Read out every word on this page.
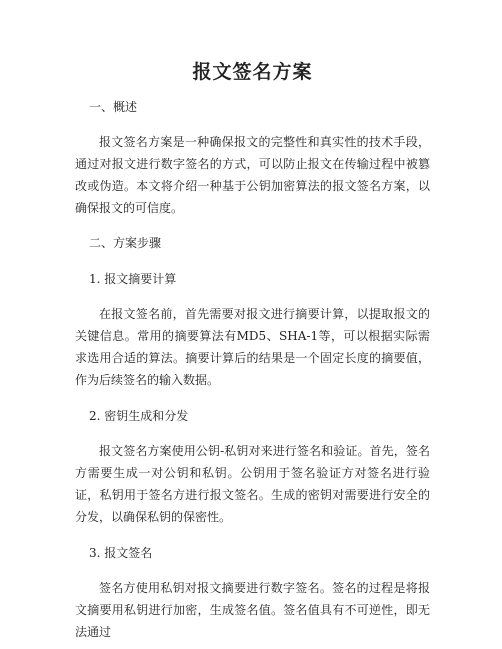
报文签名方案

一、概述

报文签名方案是一种确保报文的完整性和真实性的技术手段，通过对报文进行数字签名的方式，可以防止报文在传输过程中被篡改或伪造。本文将介绍一种基于公钥加密算法的报文签名方案，以确保报文的可信度。

二、方案步骤

1. 报文摘要计算

在报文签名前，首先需要对报文进行摘要计算，以提取报文的关键信息。常用的摘要算法有MD5、SHA-1等，可以根据实际需求选用合适的算法。摘要计算后的结果是一个固定长度的摘要值，作为后续签名的输入数据。

2. 密钥生成和分发

报文签名方案使用公钥-私钥对来进行签名和验证。首先，签名方需要生成一对公钥和私钥。公钥用于签名验证方对签名进行验证，私钥用于签名方进行报文签名。生成的密钥对需要进行安全的分发，以确保私钥的保密性。

3. 报文签名

签名方使用私钥对报文摘要进行数字签名。签名的过程是将报文摘要用私钥进行加密，生成签名值。签名值具有不可逆性，即无法通过
